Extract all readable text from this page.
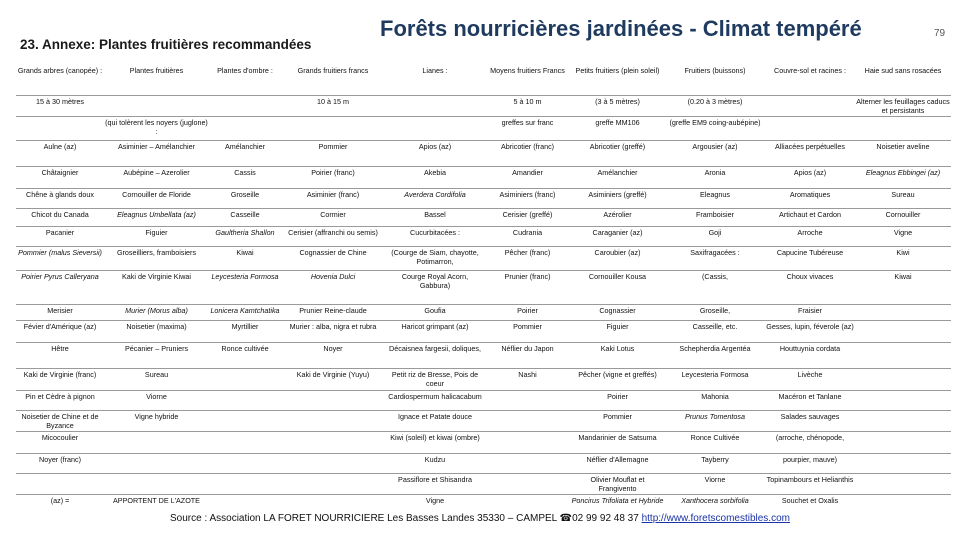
23. Annexe: Plantes fruitières recommandées
Forêts nourricières jardinées - Climat tempéré	79
Grands arbres (canopée) :	Plantes fruitières	Plantes d'ombre :	Grands fruitiers francs	Lianes :	Moyens fruitiers Francs	Petits fruitiers (plein soleil)	Fruitiers (buissons)	Couvre-sol et racines :	Haie sud sans rosacées
15 à 30 mètres			10 à 15 m		5 à 10 m	(3 à 5 mètres)	(0.20 à 3 mètres)		Alterner les feuillages caducs et persistants
	(qui tolèrent les noyers (juglone) :				greffes sur franc	greffe MM106	(greffe EM9 coing-aubépine)		
Aulne (az)	Asiminier – Amélanchier	Amélanchier	Pommier	Apios (az)	Abricotier (franc)	Abricotier (greffé)	Argousier (az)	Alliacées perpétuelles	Noisetier aveline
Châtaignier	Aubépine – Azerolier	Cassis	Poirier (franc)	Akebia	Amandier	Amélanchier	Aronia	Apios (az)	Eleagnus Ebbingei (az)
Chêne à glands doux	Cornouiller de Floride	Groseille	Asiminier (franc)	Averdera Cordifolia	Asiminiers (franc)	Asiminiers (greffé)	Eleagnus	Aromatiques	Sureau
Chicot du Canada	Eleagnus Umbellata (az)	Casseille	Cormier	Bassel	Cerisier (greffé)	Azérolier	Framboisier	Artichaut et Cardon	Cornouiller
Pacanier	Figuier	Gaultheria Shallon	Cerisier (affranchi ou semis)	Cucurbitacées :	Cudrania	Caraganier (az)	Goji	Arroche	Vigne
Pommier (malus Sieversii)	Groseilliers, framboisiers	Kiwai	Cognassier de Chine	(Courge de Siam, chayotte, Potimarron,	Pêcher (franc)	Caroubier (az)	Saxifragacées :	Capucine Tubéreuse	Kiwi
Poirier Pyrus Calleryana	Kaki de Virginie Kiwai	Leycesteria Formosa	Hovenia Dulci	Courge Royal Acorn, Gabbura)	Prunier (franc)	Cornouiller Kousa	(Cassis,	Choux vivaces	Kiwai
Merisier	Murier (Morus alba)	Lonicera Kamtchatika	Prunier Reine-claude	Goufia	Poirier	Cognassier	Groseille,	Fraisier	
Févier d'Amérique (az)	Noisetier (maxima)	Myrtillier	Murier : alba, nigra et rubra	Haricot grimpant (az)	Pommier	Figuier	Casseille, etc.	Gesses, lupin, féverole (az)	
Hêtre	Pécanier – Pruniers	Ronce cultivée	Noyer	Décaisnea fargesii, doliques,	Néflier du Japon	Kaki Lotus	Schepherdia Argentéa	Houttuynia cordata	
Kaki de Virginie (franc)	Sureau		Kaki de Virginie (Yuyu)	Petit riz de Bresse, Pois de coeur	Nashi	Pêcher (vigne et greffés)	Leycesteria Formosa	Livèche	
Pin et Cèdre à pignon	Viorne			Cardiospermum halicacabum		Poirier	Mahonia	Macéron et Tanlane	
Noisetier de Chine et de Byzance	Vigne hybride			Ignace et Patate douce		Pommier	Prunus Tomentosa	Salades sauvages	
Micocoulier				Kiwi (soleil) et kiwai (ombre)		Mandarinier de Satsuma	Ronce Cultivée	(arroche, chénopode,	
Noyer (franc)				Kudzu		Néflier d'Allemagne	Tayberry	pourpier, mauve)	
				Passiflore et Shisandra		Olivier Mouflat et Frangivento	Viorne	Topinambours et Helianthis	
(az) =	APPORTENT DE L'AZOTE			Vigne		Poncirus Trifoliata et Hybride	Xanthocera sorbifolia	Souchet et Oxalis	
Source : Association LA FORET NOURRICIERE Les Basses Landes 35330 – CAMPEL ☎02 99 92 48 37 http://www.foretscomestibles.com
